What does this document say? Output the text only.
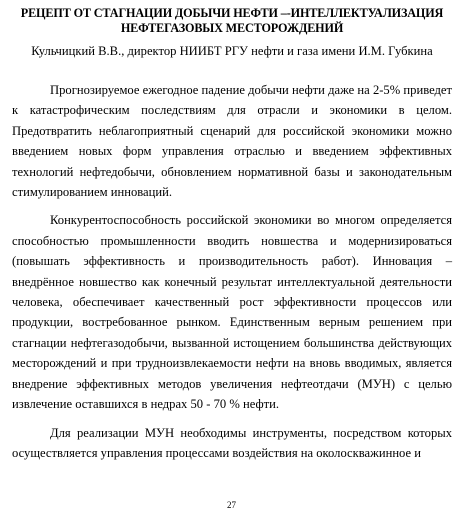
РЕЦЕПТ ОТ СТАГНАЦИИ ДОБЫЧИ НЕФТИ –-ИНТЕЛЛЕКТУАЛИЗАЦИЯ НЕФТЕГАЗОВЫХ МЕСТОРОЖДЕНИЙ

Кульчицкий В.В., директор НИИБТ РГУ нефти и газа имени И.М. Губкина

Прогнозируемое ежегодное падение добычи нефти даже на 2-5% приведет к катастрофическим последствиям для отрасли и экономики в целом. Предотвратить неблагоприятный сценарий для российской экономики можно введением новых форм управления отраслью и введением эффективных технологий нефтедобычи, обновлением нормативной базы и законодательным стимулированием инноваций.

Конкурентоспособность российской экономики во многом определяется способностью промышленности вводить новшества и модернизироваться (повышать эффективность и производительность работ). Инновация – внедрённое новшество как конечный результат интеллектуальной деятельности человека, обеспечивает качественный рост эффективности процессов или продукции, востребованное рынком. Единственным верным решением при стагнации нефтегазодобычи, вызванной истощением большинства действующих месторождений и при трудноизвлекаемости нефти на вновь вводимых, является внедрение эффективных методов увеличения нефтеотдачи (МУН) с целью извлечение оставшихся в недрах 50 - 70 % нефти.

Для реализации МУН необходимы инструменты, посредством которых осуществляется управления процессами воздействия на околоскважинное и

27
